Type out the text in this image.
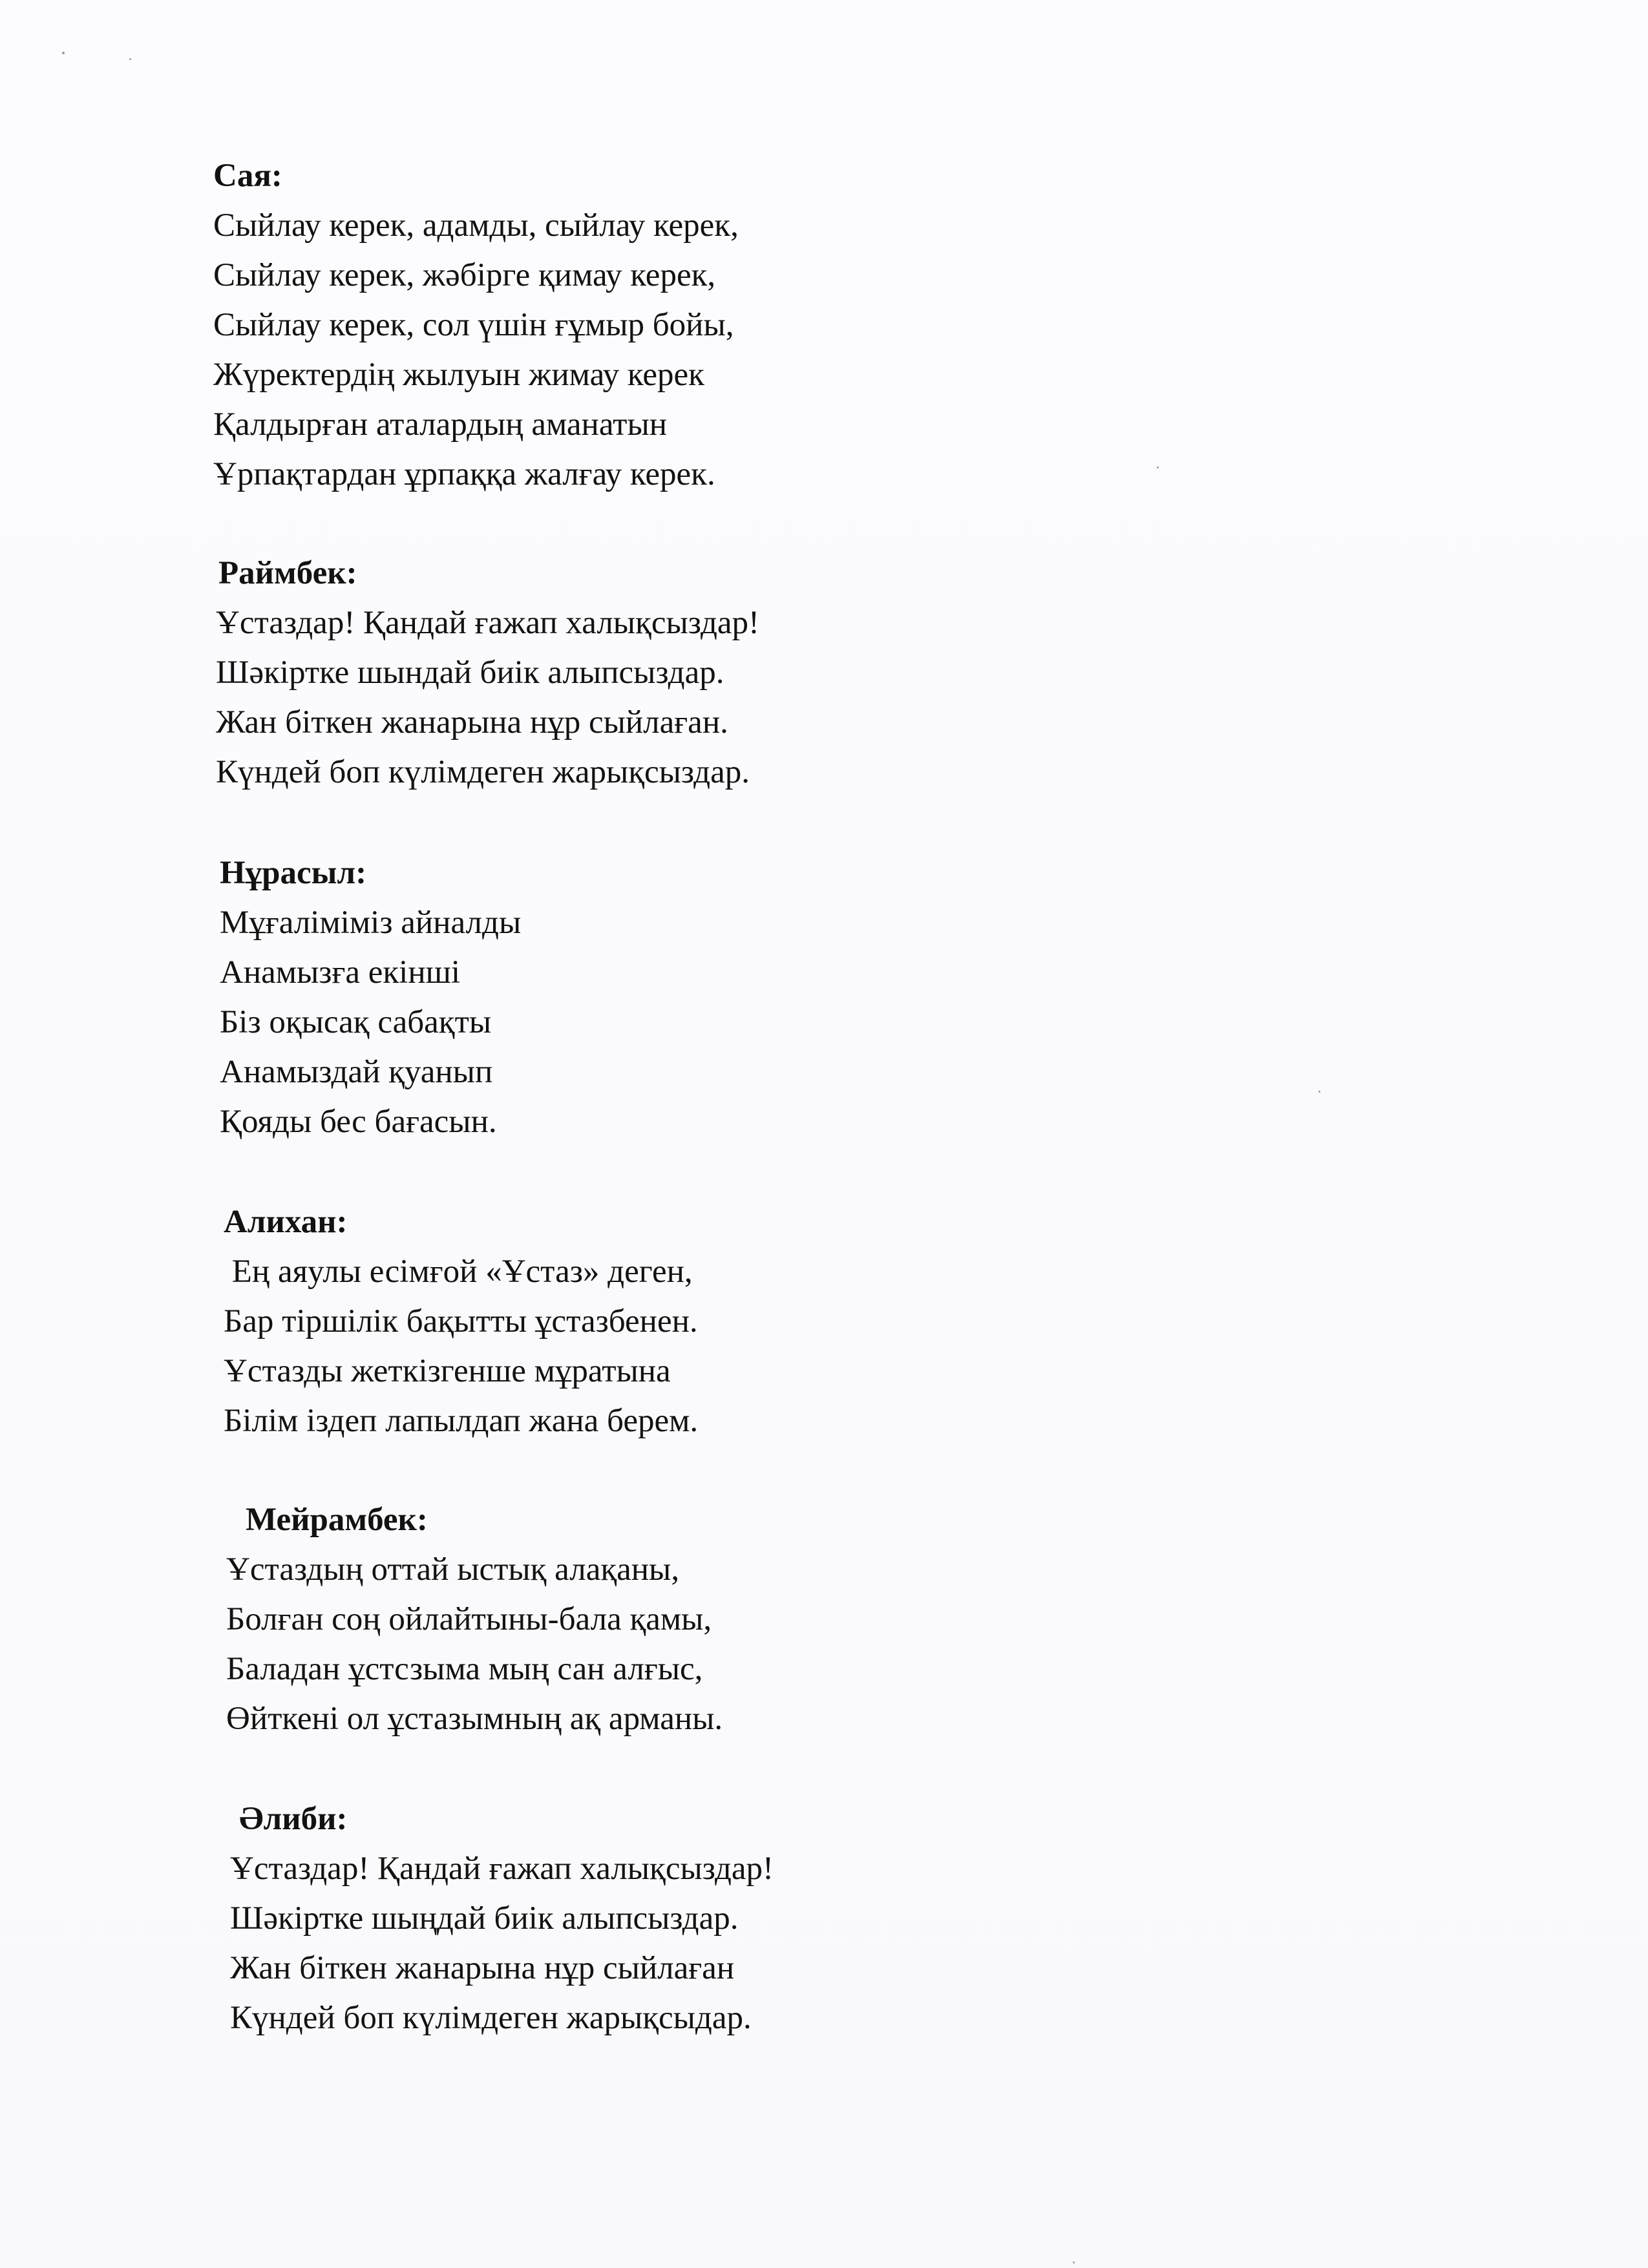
Сая:
Сыйлау керек, адамды, сыйлау керек,
Сыйлау керек, жәбірге қимау керек,
Сыйлау керек, сол үшін ғұмыр бойы,
Жүректердің жылуын жимау керек
Қалдырған аталардың аманатын
Ұрпақтардан ұрпаққа жалғау керек.
Раймбек:
Ұстаздар! Қандай ғажап халықсыздар!
Шәкіртке шындай биік алыпсыздар.
Жан біткен жанарына нұр сыйлаған.
Күндей боп күлімдеген жарықсыздар.
Нұрасыл:
Мұғаліміміз айналды
Анамызға екінші
Біз оқысақ сабақты
Анамыздай қуанып
Қояды бес бағасын.
Алихан:
Ең аяулы есімғой «Ұстаз» деген,
Бар тіршілік бақытты ұстазбенен.
Ұстазды жеткізгенше мұратына
Білім іздеп лапылдап жана берем.
Мейрамбек:
Ұстаздың оттай ыстық алақаны,
Болған соң ойлайтыны-бала қамы,
Баладан ұстсзыма мың сан алғыс,
Өйткені ол ұстазымның ақ арманы.
Әлиби:
Ұстаздар! Қандай ғажап халықсыздар!
Шәкіртке шыңдай биік алыпсыздар.
Жан біткен жанарына нұр сыйлаған
Күндей боп күлімдеген жарықсыдар.
